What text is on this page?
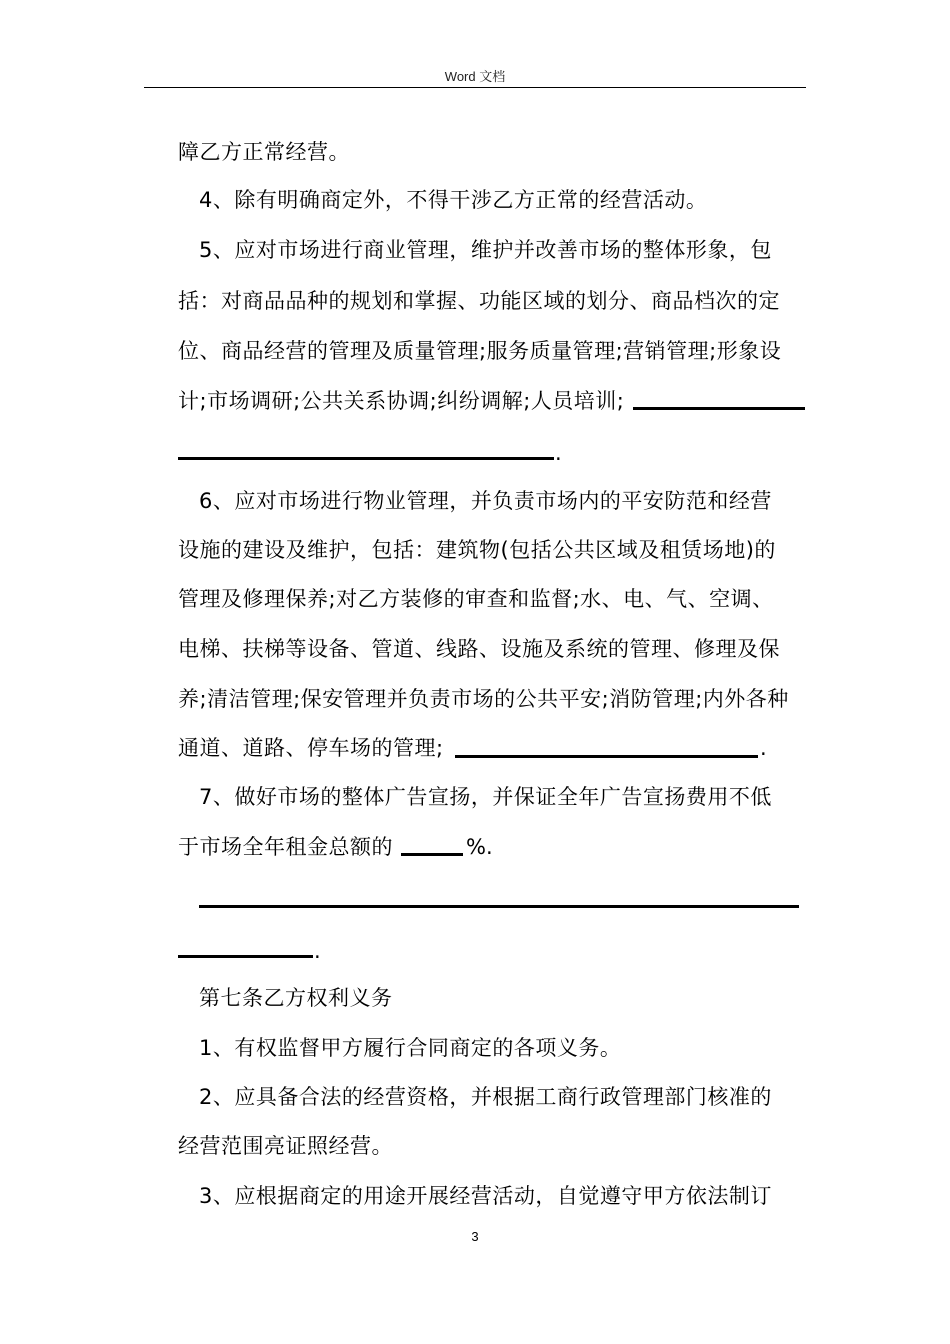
Word 文档
障乙方正常经营。
4、除有明确商定外，不得干涉乙方正常的经营活动。
5、应对市场进行商业管理，维护并改善市场的整体形象，包
括：对商品品种的规划和掌握、功能区域的划分、商品档次的定
位、商品经营的管理及质量管理;服务质量管理;营销管理;形象设
计;市场调研;公共关系协调;纠纷调解;人员培训;
.
6、应对市场进行物业管理，并负责市场内的平安防范和经营
设施的建设及维护，包括：建筑物(包括公共区域及租赁场地)的
管理及修理保养;对乙方装修的审查和监督;水、电、气、空调、
电梯、扶梯等设备、管道、线路、设施及系统的管理、修理及保
养;清洁管理;保安管理并负责市场的公共平安;消防管理;内外各种
通道、道路、停车场的管理;	.
7、做好市场的整体广告宣扬，并保证全年广告宣扬费用不低
于市场全年租金总额的	%.
.
第七条乙方权利义务
1、有权监督甲方履行合同商定的各项义务。
2、应具备合法的经营资格，并根据工商行政管理部门核准的
经营范围亮证照经营。
3、应根据商定的用途开展经营活动，自觉遵守甲方依法制订
3
